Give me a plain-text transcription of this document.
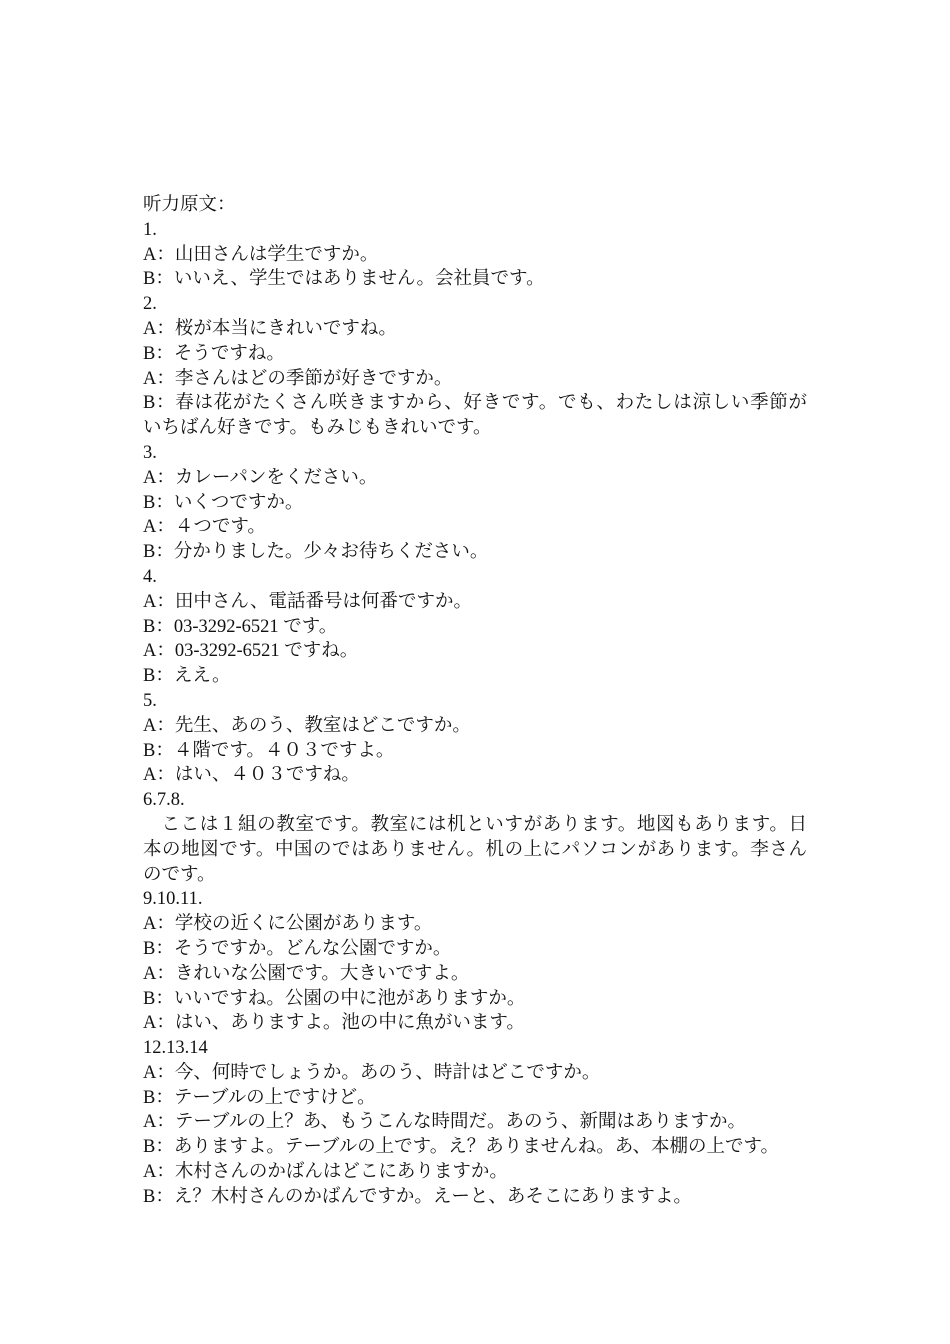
听力原文：
1.
A：山田さんは学生ですか。
B：いいえ、学生ではありません。会社員です。
2.
A：桜が本当にきれいですね。
B：そうですね。
A：李さんはどの季節が好きですか。
B：春は花がたくさん咲きますから、好きです。でも、わたしは涼しい季節が
いちばん好きです。もみじもきれいです。
3.
A：カレーパンをください。
B：いくつですか。
A：４つです。
B：分かりました。少々お待ちください。
4.
A：田中さん、電話番号は何番ですか。
B：03-3292-6521 です。
A：03-3292-6521 ですね。
B：ええ。
5.
A：先生、あのう、教室はどこですか。
B：４階です。４０３ですよ。
A：はい、４０３ですね。
6.7.8.
ここは１組の教室です。教室には机といすがあります。地図もあります。日
本の地図です。中国のではありません。机の上にパソコンがあります。李さん
のです。
9.10.11.
A：学校の近くに公園があります。
B：そうですか。どんな公園ですか。
A：きれいな公園です。大きいですよ。
B：いいですね。公園の中に池がありますか。
A：はい、ありますよ。池の中に魚がいます。
12.13.14
A：今、何時でしょうか。あのう、時計はどこですか。
B：テーブルの上ですけど。
A：テーブルの上？あ、もうこんな時間だ。あのう、新聞はありますか。
B：ありますよ。テーブルの上です。え？ありませんね。あ、本棚の上です。
A：木村さんのかばんはどこにありますか。
B：え？木村さんのかばんですか。えーと、あそこにありますよ。
